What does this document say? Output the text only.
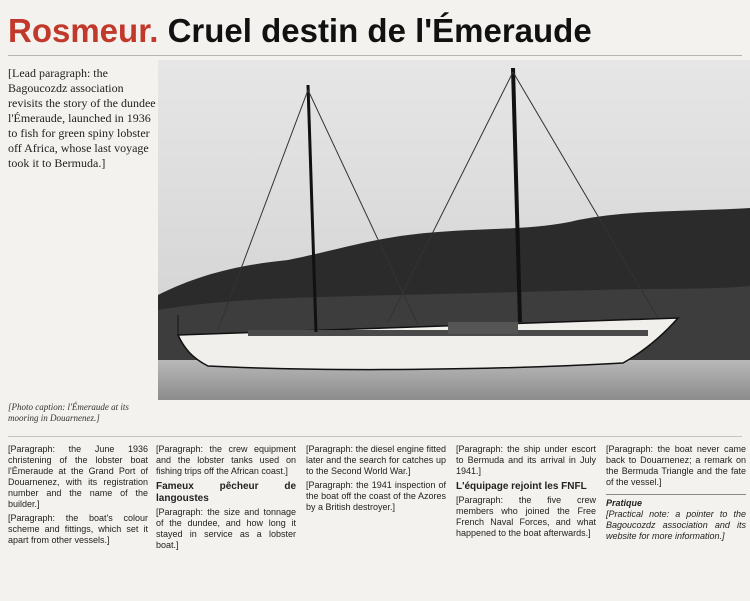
Rosmeur. Cruel destin de l'Émeraude
[Lead paragraph: the Bagoucozdz association revisits the story of the dundee l'Émeraude, launched in 1936 to fish for green spiny lobster off Africa, whose last voyage took it to Bermuda.]
[Photo caption: l'Émeraude at its mooring in Douarnenez.]

[Paragraph: the June 1936 christening of the lobster boat l'Émeraude at the Grand Port of Douarnenez, with its registration number and the name of the builder.]

[Paragraph: the boat's colour scheme and fittings, which set it apart from other vessels.]

[Paragraph: the crew equipment and the lobster tanks used on fishing trips off the African coast.]

Fameux pêcheur de langoustes

[Paragraph: the size and tonnage of the dundee, and how long it stayed in service as a lobster boat.]

[Paragraph: the diesel engine fitted later and the search for catches up to the Second World War.]

[Paragraph: the 1941 inspection of the boat off the coast of the Azores by a British destroyer.]

[Paragraph: the ship under escort to Bermuda and its arrival in July 1941.]

L'équipage rejoint les FNFL

[Paragraph: the five crew members who joined the Free French Naval Forces, and what happened to the boat afterwards.]

[Paragraph: the boat never came back to Douarnenez; a remark on the Bermuda Triangle and the fate of the vessel.]

Pratique

[Practical note: a pointer to the Bagoucozdz association and its website for more information.]
